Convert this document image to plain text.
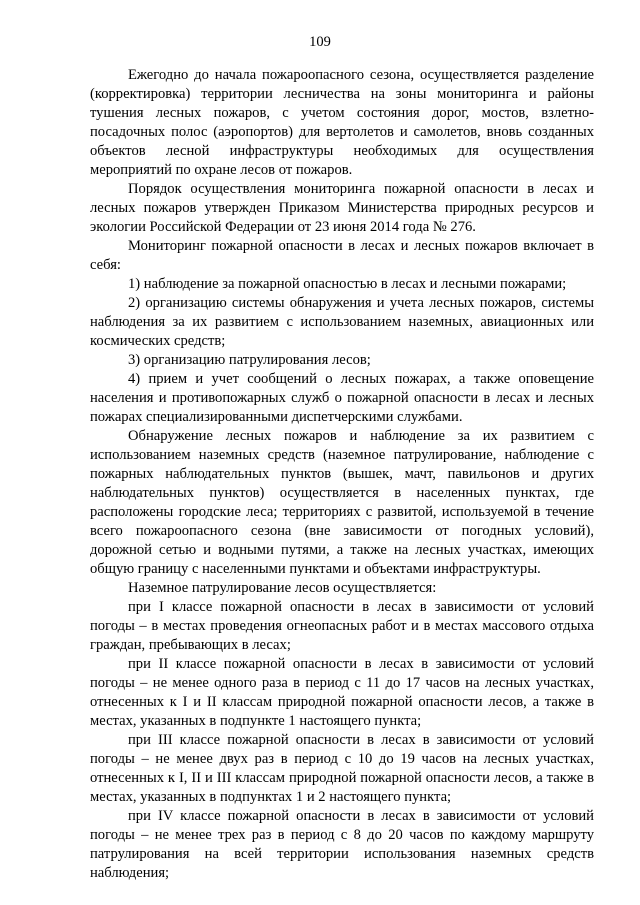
109

Ежегодно до начала пожароопасного сезона, осуществляется разделение (корректировка) территории лесничества на зоны мониторинга и районы тушения лесных пожаров, с учетом состояния дорог, мостов, взлетно-посадочных полос (аэропортов) для вертолетов и самолетов, вновь созданных объектов лесной инфраструктуры необходимых для осуществления мероприятий по охране лесов от пожаров.

Порядок осуществления мониторинга пожарной опасности в лесах и лесных пожаров утвержден Приказом Министерства природных ресурсов и экологии Российской Федерации от 23 июня 2014 года № 276.

Мониторинг пожарной опасности в лесах и лесных пожаров включает в себя:

1) наблюдение за пожарной опасностью в лесах и лесными пожарами;

2) организацию системы обнаружения и учета лесных пожаров, системы наблюдения за их развитием с использованием наземных, авиационных или космических средств;

3) организацию патрулирования лесов;

4) прием и учет сообщений о лесных пожарах, а также оповещение населения и противопожарных служб о пожарной опасности в лесах и лесных пожарах специализированными диспетчерскими службами.

Обнаружение лесных пожаров и наблюдение за их развитием с использованием наземных средств (наземное патрулирование, наблюдение с пожарных наблюдательных пунктов (вышек, мачт, павильонов и других наблюдательных пунктов) осуществляется в населенных пунктах, где расположены городские леса; территориях с развитой, используемой в течение всего пожароопасного сезона (вне зависимости от погодных условий), дорожной сетью и водными путями, а также на лесных участках, имеющих общую границу с населенными пунктами и объектами инфраструктуры.

Наземное патрулирование лесов осуществляется:

при I классе пожарной опасности в лесах в зависимости от условий погоды – в местах проведения огнеопасных работ и в местах массового отдыха граждан, пребывающих в лесах;

при II классе пожарной опасности в лесах в зависимости от условий погоды – не менее одного раза в период с 11 до 17 часов на лесных участках, отнесенных к I и II классам природной пожарной опасности лесов, а также в местах, указанных в подпункте 1 настоящего пункта;

при III классе пожарной опасности в лесах в зависимости от условий погоды – не менее двух раз в период с 10 до 19 часов на лесных участках, отнесенных к I, II и III классам природной пожарной опасности лесов, а также в местах, указанных в подпунктах 1 и 2 настоящего пункта;

при IV классе пожарной опасности в лесах в зависимости от условий погоды – не менее трех раз в период с 8 до 20 часов по каждому маршруту патрулирования на всей территории использования наземных средств наблюдения;
